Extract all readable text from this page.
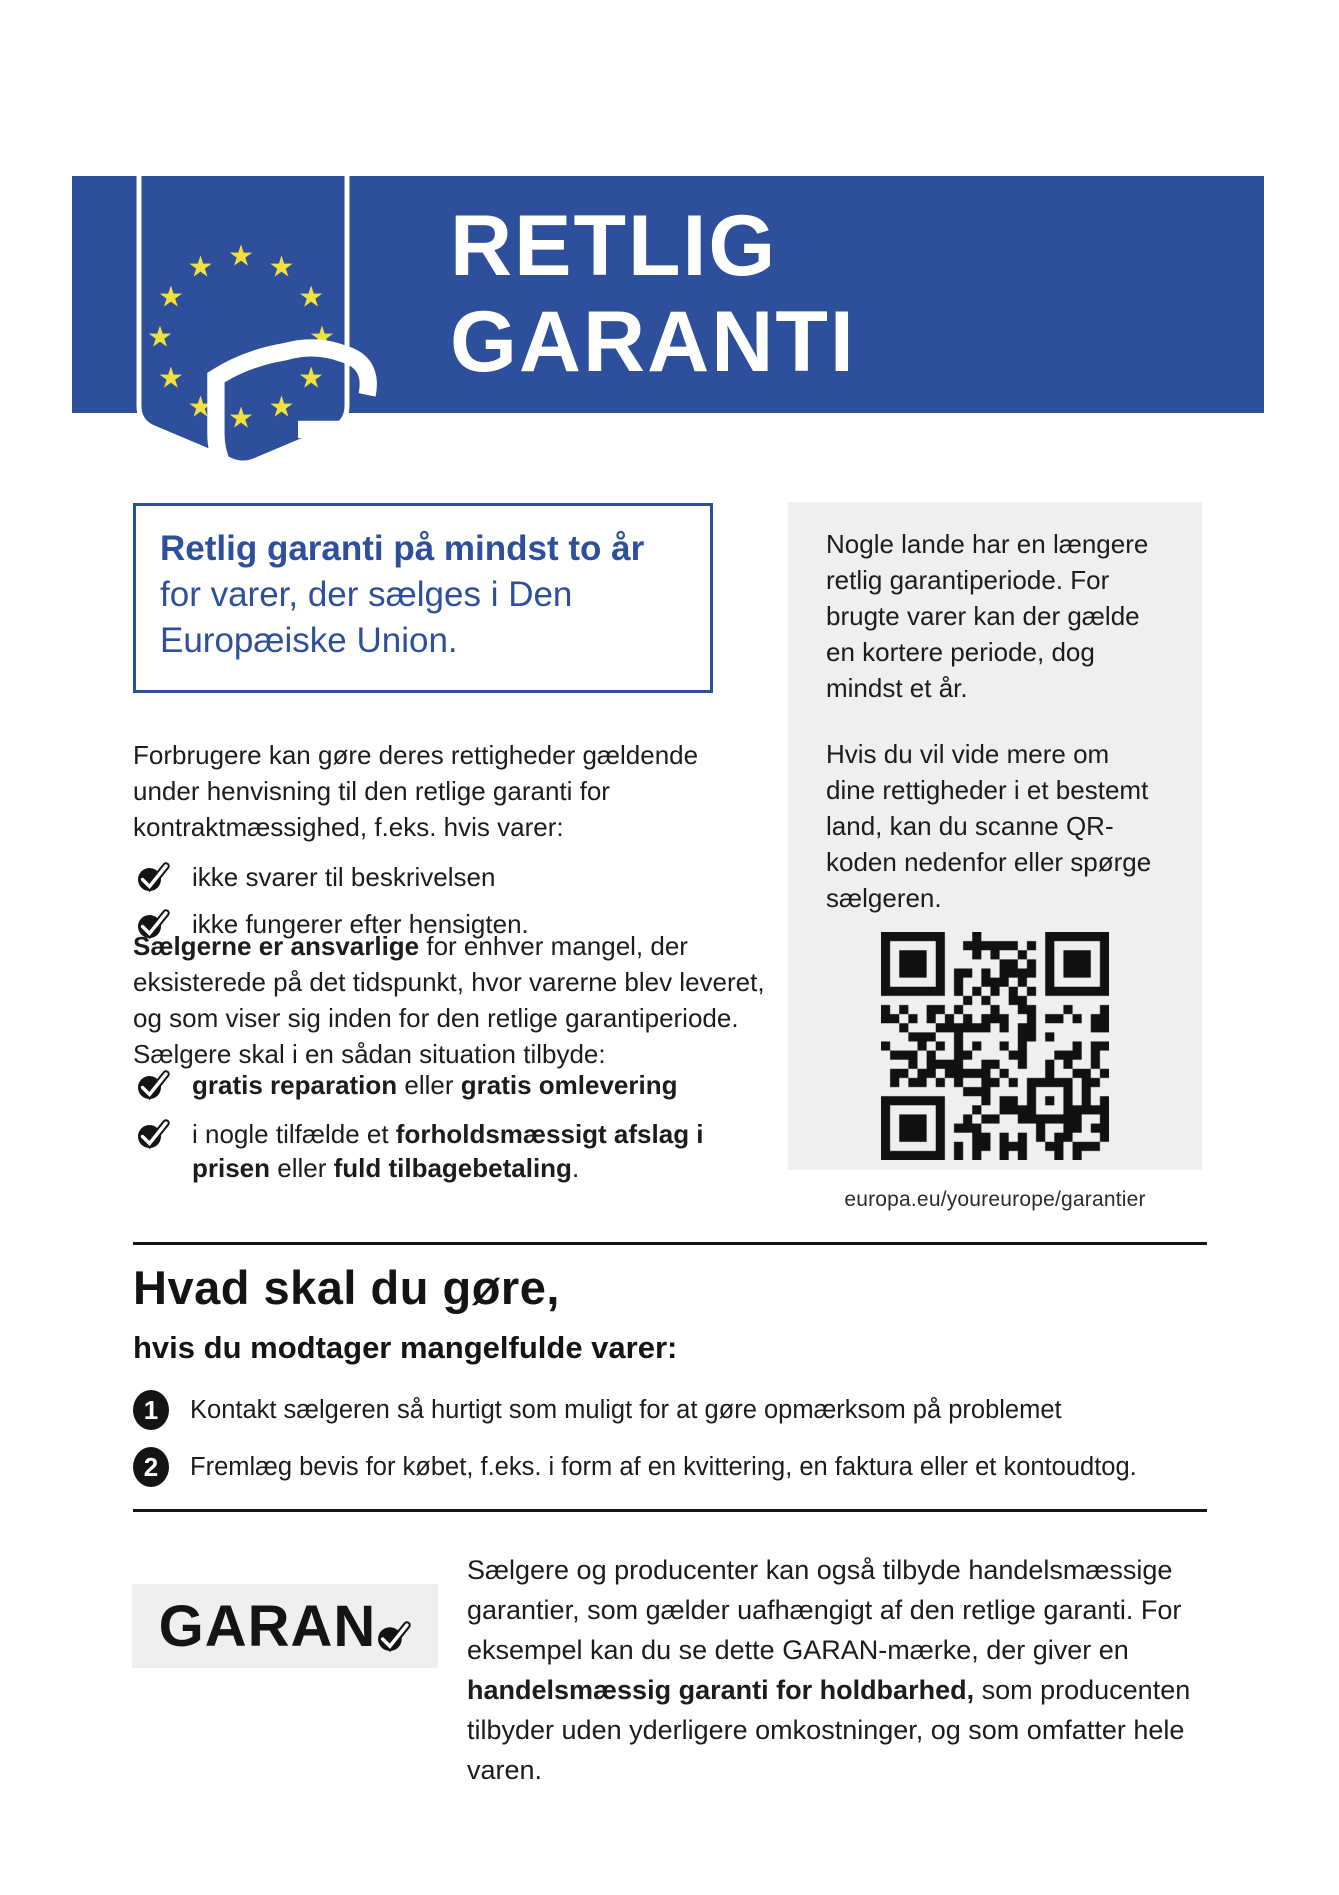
RETLIG
GARANTI
★ ★
★
★
★
★
★
★
★
★
★
★
Retlig garanti på mindst to år for varer, der sælges i Den Europæiske Union.
Forbrugere kan gøre deres rettigheder gældende under henvisning til den retlige garanti for kontraktmæssighed, f.eks. hvis varer:
ikke svarer til beskrivelsen
ikke fungerer efter hensigten.
Sælgerne er ansvarlige for enhver mangel, der eksisterede på det tidspunkt, hvor varerne blev leveret, og som viser sig inden for den retlige garantiperiode. Sælgere skal i en sådan situation tilbyde:
gratis reparation eller gratis omlevering
i nogle tilfælde et forholdsmæssigt afslag i prisen eller fuld tilbagebetaling.

Nogle lande har en længere retlig garantiperiode. For brugte varer kan der gælde en kortere periode, dog mindst et år.

Hvis du vil vide mere om dine rettigheder i et bestemt land, kan du scanne QR-koden nedenfor eller spørge sælgeren.

europa.eu/youreurope/garantier
Hvad skal du gøre,
hvis du modtager mangelfulde varer:
1	Kontakt sælgeren så hurtigt som muligt for at gøre opmærksom på problemet
2	Fremlæg bevis for købet, f.eks. i form af en kvittering, en faktura eller et kontoudtog.
GARAN
Sælgere og producenter kan også tilbyde handelsmæssige garantier, som gælder uafhængigt af den retlige garanti. For eksempel kan du se dette GARAN-mærke, der giver en handelsmæssig garanti for holdbarhed, som producenten tilbyder uden yderligere omkostninger, og som omfatter hele varen.
